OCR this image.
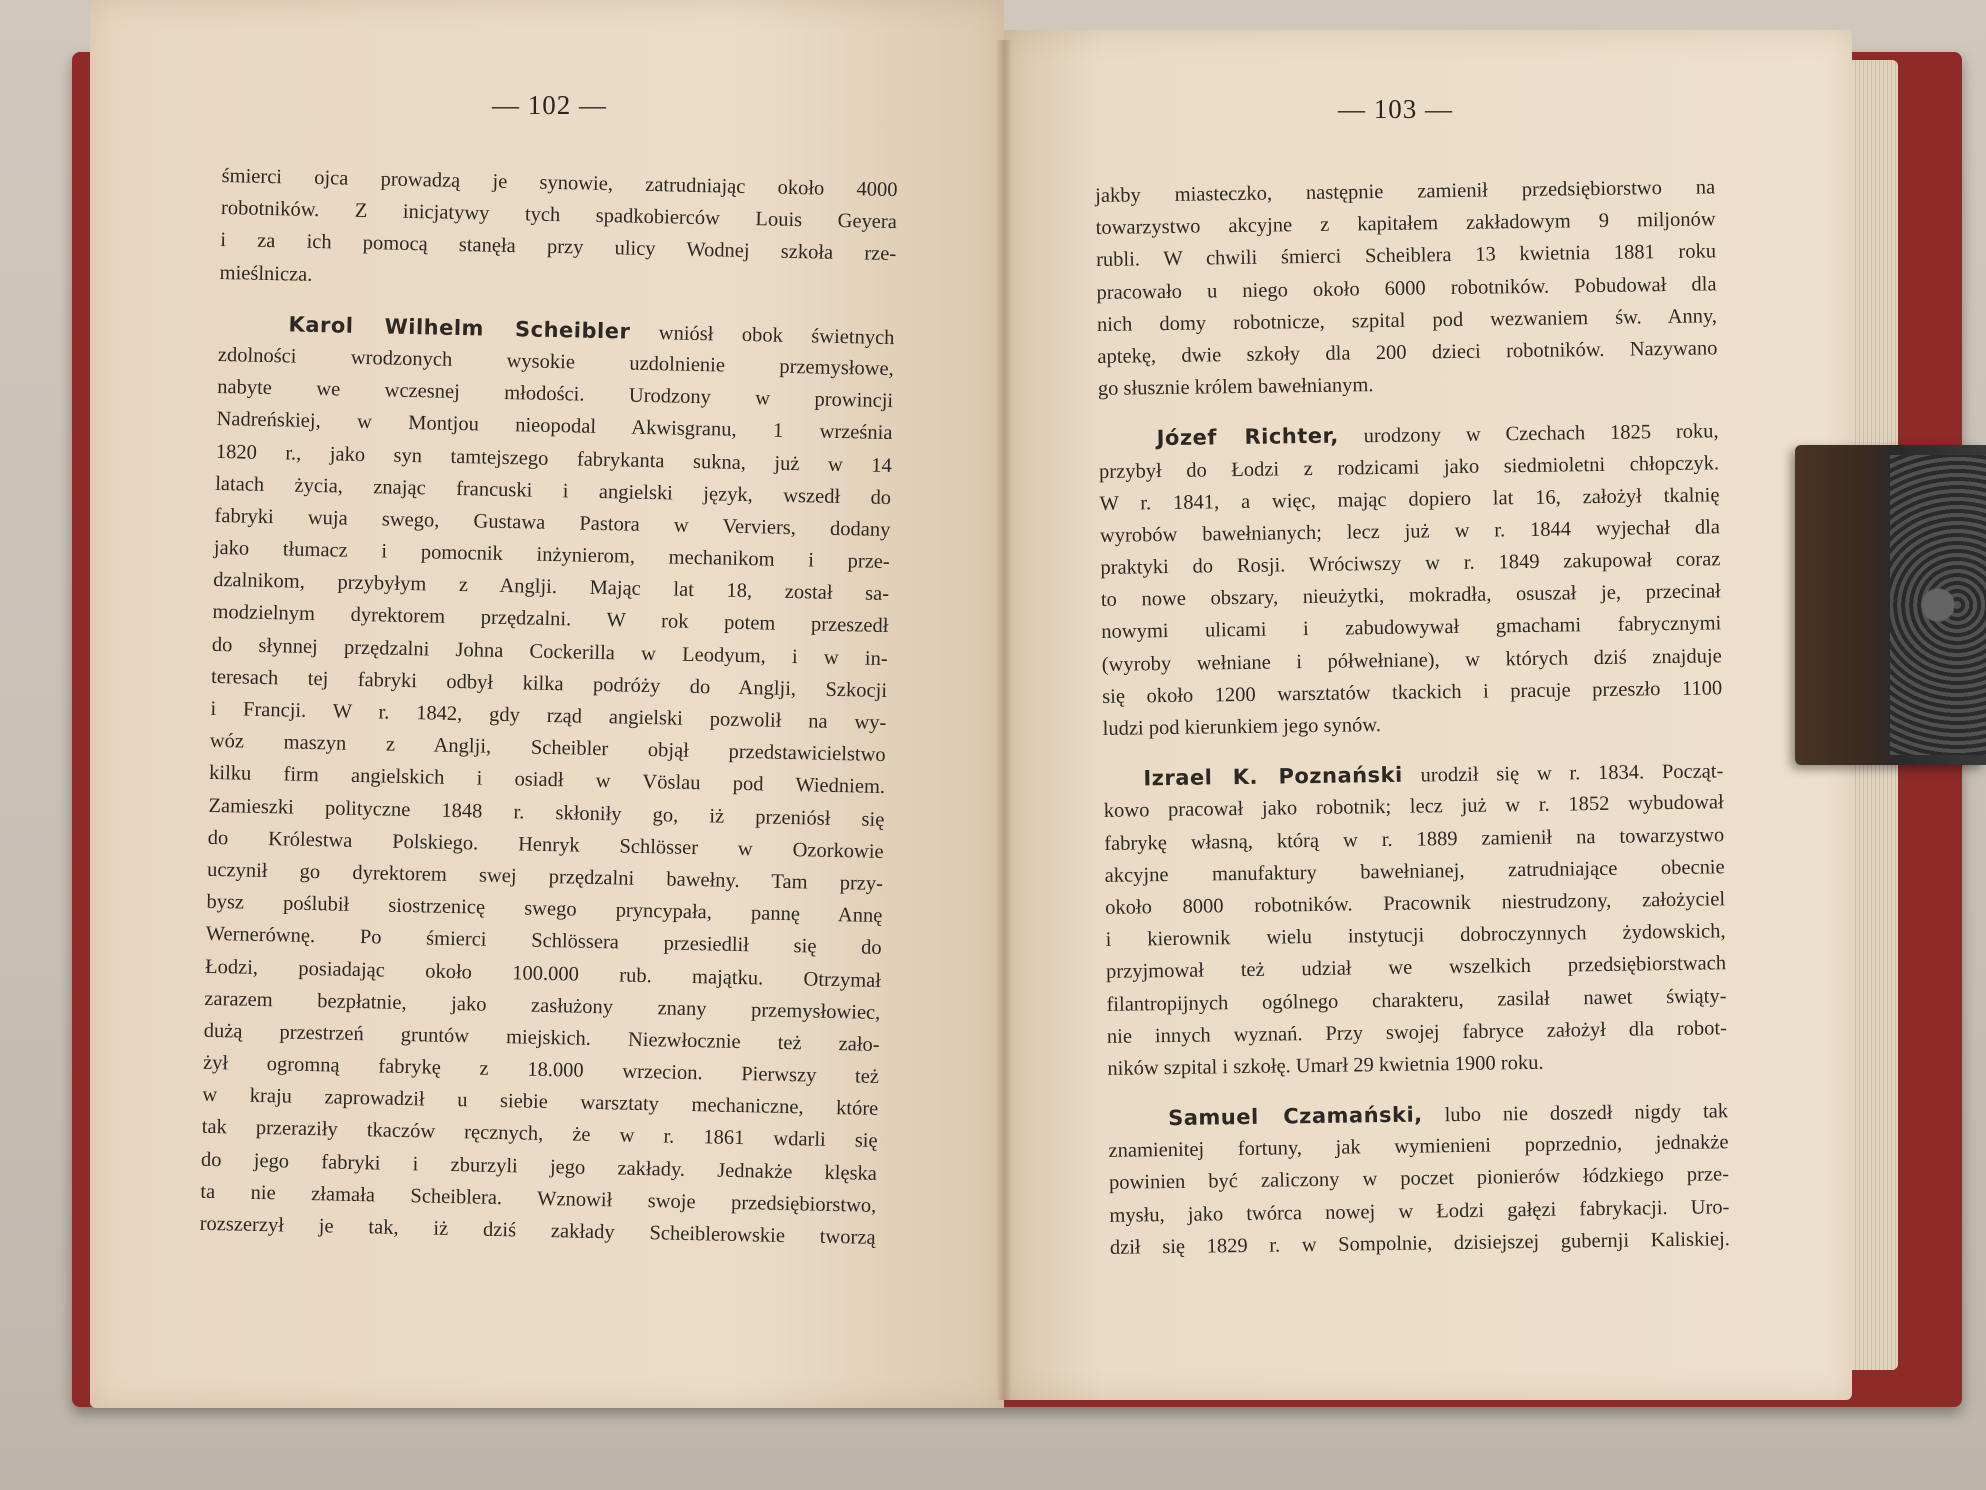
— 102 —	— 103 —
śmierci ojca prowadzą je synowie, zatrudniając około 4000
robotników. Z inicjatywy tych spadkobierców Louis Geyera
i za ich pomocą stanęła przy ulicy Wodnej szkoła rze-
mieślnicza.
Karol Wilhelm Scheibler wniósł obok świetnych
zdolności wrodzonych wysokie uzdolnienie przemysłowe,
nabyte we wczesnej młodości. Urodzony w prowincji
Nadreńskiej, w Montjou nieopodal Akwisgranu, 1 września
1820 r., jako syn tamtejszego fabrykanta sukna, już w 14
latach życia, znając francuski i angielski język, wszedł do
fabryki wuja swego, Gustawa Pastora w Verviers, dodany
jako tłumacz i pomocnik inżynierom, mechanikom i prze-
dzalnikom, przybyłym z Anglji. Mając lat 18, został sa-
modzielnym dyrektorem przędzalni. W rok potem przeszedł
do słynnej przędzalni Johna Cockerilla w Leodyum, i w in-
teresach tej fabryki odbył kilka podróży do Anglji, Szkocji
i Francji. W r. 1842, gdy rząd angielski pozwolił na wy-
wóz maszyn z Anglji, Scheibler objął przedstawicielstwo
kilku firm angielskich i osiadł w Vöslau pod Wiedniem.
Zamieszki polityczne 1848 r. skłoniły go, iż przeniósł się
do Królestwa Polskiego. Henryk Schlösser w Ozorkowie
uczynił go dyrektorem swej przędzalni bawełny. Tam przy-
bysz poślubił siostrzenicę swego pryncypała, pannę Annę
Wernerównę. Po śmierci Schlössera przesiedlił się do
Łodzi, posiadając około 100.000 rub. majątku. Otrzymał
zarazem bezpłatnie, jako zasłużony znany przemysłowiec,
dużą przestrzeń gruntów miejskich. Niezwłocznie też zało-
żył ogromną fabrykę z 18.000 wrzecion. Pierwszy też
w kraju zaprowadził u siebie warsztaty mechaniczne, które
tak przeraziły tkaczów ręcznych, że w r. 1861 wdarli się
do jego fabryki i zburzyli jego zakłady. Jednakże klęska
ta nie złamała Scheiblera. Wznowił swoje przedsiębiorstwo,
rozszerzył je tak, iż dziś zakłady Scheiblerowskie tworzą
jakby miasteczko, następnie zamienił przedsiębiorstwo na
towarzystwo akcyjne z kapitałem zakładowym 9 miljonów
rubli. W chwili śmierci Scheiblera 13 kwietnia 1881 roku
pracowało u niego około 6000 robotników. Pobudował dla
nich domy robotnicze, szpital pod wezwaniem św. Anny,
aptekę, dwie szkoły dla 200 dzieci robotników. Nazywano
go słusznie królem bawełnianym.
Józef Richter, urodzony w Czechach 1825 roku,
przybył do Łodzi z rodzicami jako siedmioletni chłopczyk.
W r. 1841, a więc, mając dopiero lat 16, założył tkalnię
wyrobów bawełnianych; lecz już w r. 1844 wyjechał dla
praktyki do Rosji. Wróciwszy w r. 1849 zakupował coraz
to nowe obszary, nieużytki, mokradła, osuszał je, przecinał
nowymi ulicami i zabudowywał gmachami fabrycznymi
(wyroby wełniane i półwełniane), w których dziś znajduje
się około 1200 warsztatów tkackich i pracuje przeszło 1100
ludzi pod kierunkiem jego synów.
Izrael K. Poznański urodził się w r. 1834. Począt-
kowo pracował jako robotnik; lecz już w r. 1852 wybudował
fabrykę własną, którą w r. 1889 zamienił na towarzystwo
akcyjne manufaktury bawełnianej, zatrudniające obecnie
około 8000 robotników. Pracownik niestrudzony, założyciel
i kierownik wielu instytucji dobroczynnych żydowskich,
przyjmował też udział we wszelkich przedsiębiorstwach
filantropijnych ogólnego charakteru, zasilał nawet świąty-
nie innych wyznań. Przy swojej fabryce założył dla robot-
ników szpital i szkołę. Umarł 29 kwietnia 1900 roku.
Samuel Czamański, lubo nie doszedł nigdy tak
znamienitej fortuny, jak wymienieni poprzednio, jednakże
powinien być zaliczony w poczet pionierów łódzkiego prze-
mysłu, jako twórca nowej w Łodzi gałęzi fabrykacji. Uro-
dził się 1829 r. w Sompolnie, dzisiejszej gubernji Kaliskiej.
